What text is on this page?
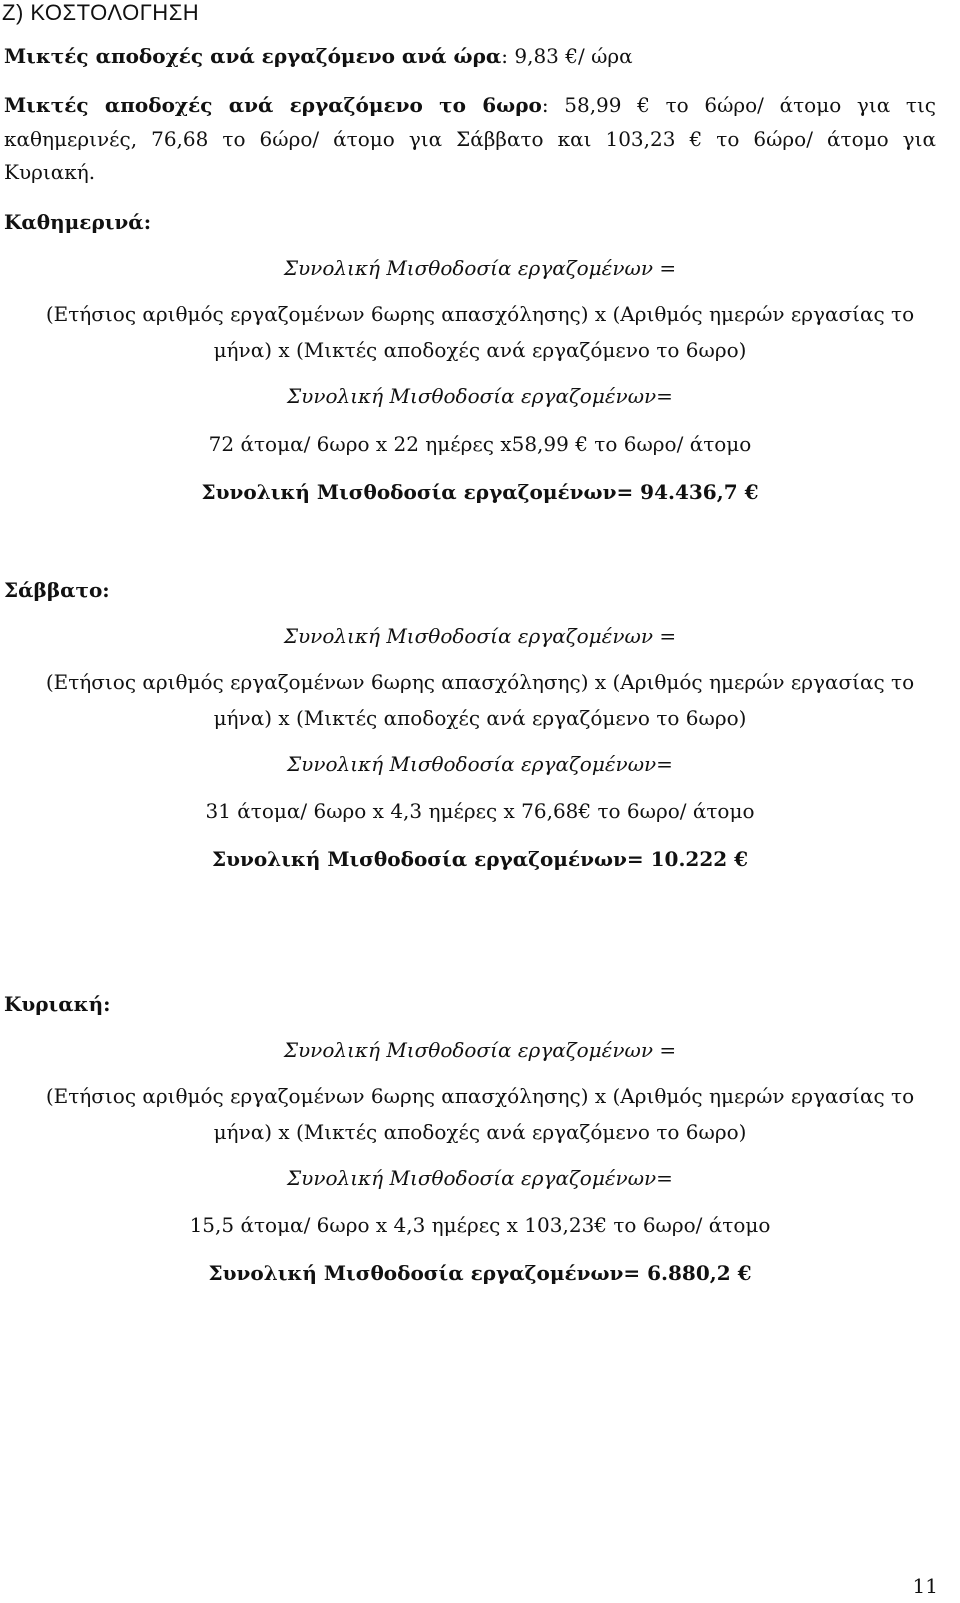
Ζ) ΚΟΣΤΟΛΟΓΗΣΗ
Μικτές αποδοχές ανά εργαζόμενο ανά ώρα: 9,83 €/ ώρα
Μικτές αποδοχές ανά εργαζόμενο το 6ωρο: 58,99 € το 6ώρο/ άτομο για τις
καθημερινές, 76,68 το 6ώρο/ άτομο για Σάββατο και 103,23 € το 6ώρο/ άτομο για
Κυριακή.
Καθημερινά:
Συνολική Μισθοδοσία εργαζομένων =
(Ετήσιος αριθμός εργαζομένων 6ωρης απασχόλησης) x (Αριθμός ημερών εργασίας το
μήνα) x (Μικτές αποδοχές ανά εργαζόμενο το 6ωρο)
Συνολική Μισθοδοσία εργαζομένων=
72 άτομα/ 6ωρο x 22 ημέρες x58,99 € το 6ωρο/ άτομο
Συνολική Μισθοδοσία εργαζομένων= 94.436,7 €
Σάββατο:
Συνολική Μισθοδοσία εργαζομένων =
(Ετήσιος αριθμός εργαζομένων 6ωρης απασχόλησης) x (Αριθμός ημερών εργασίας το
μήνα) x (Μικτές αποδοχές ανά εργαζόμενο το 6ωρο)
Συνολική Μισθοδοσία εργαζομένων=
31 άτομα/ 6ωρο x 4,3 ημέρες x 76,68€ το 6ωρο/ άτομο
Συνολική Μισθοδοσία εργαζομένων= 10.222 €
Κυριακή:
Συνολική Μισθοδοσία εργαζομένων =
(Ετήσιος αριθμός εργαζομένων 6ωρης απασχόλησης) x (Αριθμός ημερών εργασίας το
μήνα) x (Μικτές αποδοχές ανά εργαζόμενο το 6ωρο)
Συνολική Μισθοδοσία εργαζομένων=
15,5 άτομα/ 6ωρο x 4,3 ημέρες x 103,23€ το 6ωρο/ άτομο
Συνολική Μισθοδοσία εργαζομένων= 6.880,2 €
11
